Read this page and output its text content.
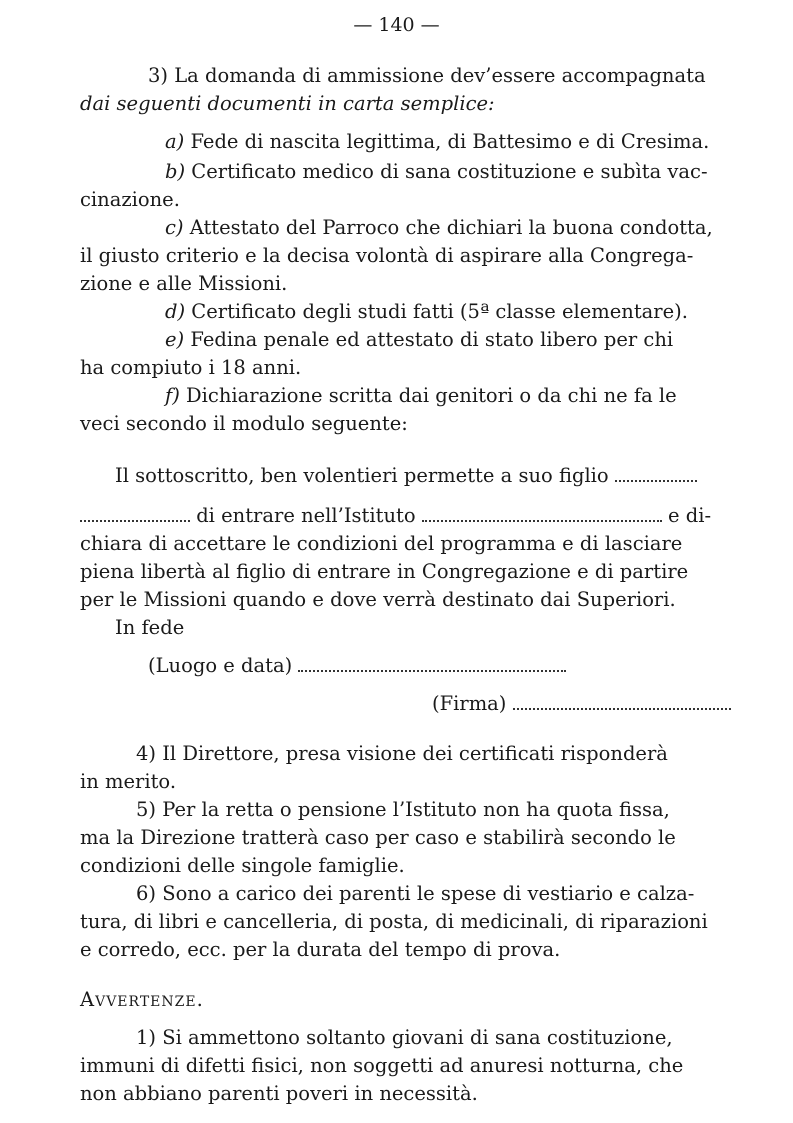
— 140 —
3) La domanda di ammissione dev’essere accompagnata
dai seguenti documenti in carta semplice:
a) Fede di nascita legittima, di Battesimo e di Cresima.
b) Certificato medico di sana costituzione e subìta vac-
cinazione.
c) Attestato del Parroco che dichiari la buona condotta,
il giusto criterio e la decisa volontà di aspirare alla Congrega-
zione e alle Missioni.
d) Certificato degli studi fatti (5ª classe elementare).
e) Fedina penale ed attestato di stato libero per chi
ha compiuto i 18 anni.
f) Dichiarazione scritta dai genitori o da chi ne fa le
veci secondo il modulo seguente:
Il sottoscritto, ben volentieri permette a suo figlio
di entrare nell’Istituto	e di-
chiara di accettare le condizioni del programma e di lasciare
piena libertà al figlio di entrare in Congregazione e di partire
per le Missioni quando e dove verrà destinato dai Superiori.
In fede
(Luogo e data)
(Firma)
4) Il Direttore, presa visione dei certificati risponderà
in merito.
5) Per la retta o pensione l’Istituto non ha quota fissa,
ma la Direzione tratterà caso per caso e stabilirà secondo le
condizioni delle singole famiglie.
6) Sono a carico dei parenti le spese di vestiario e calza-
tura, di libri e cancelleria, di posta, di medicinali, di riparazioni
e corredo, ecc. per la durata del tempo di prova.
Avvertenze.
1) Si ammettono soltanto giovani di sana costituzione,
immuni di difetti fisici, non soggetti ad anuresi notturna, che
non abbiano parenti poveri in necessità.
